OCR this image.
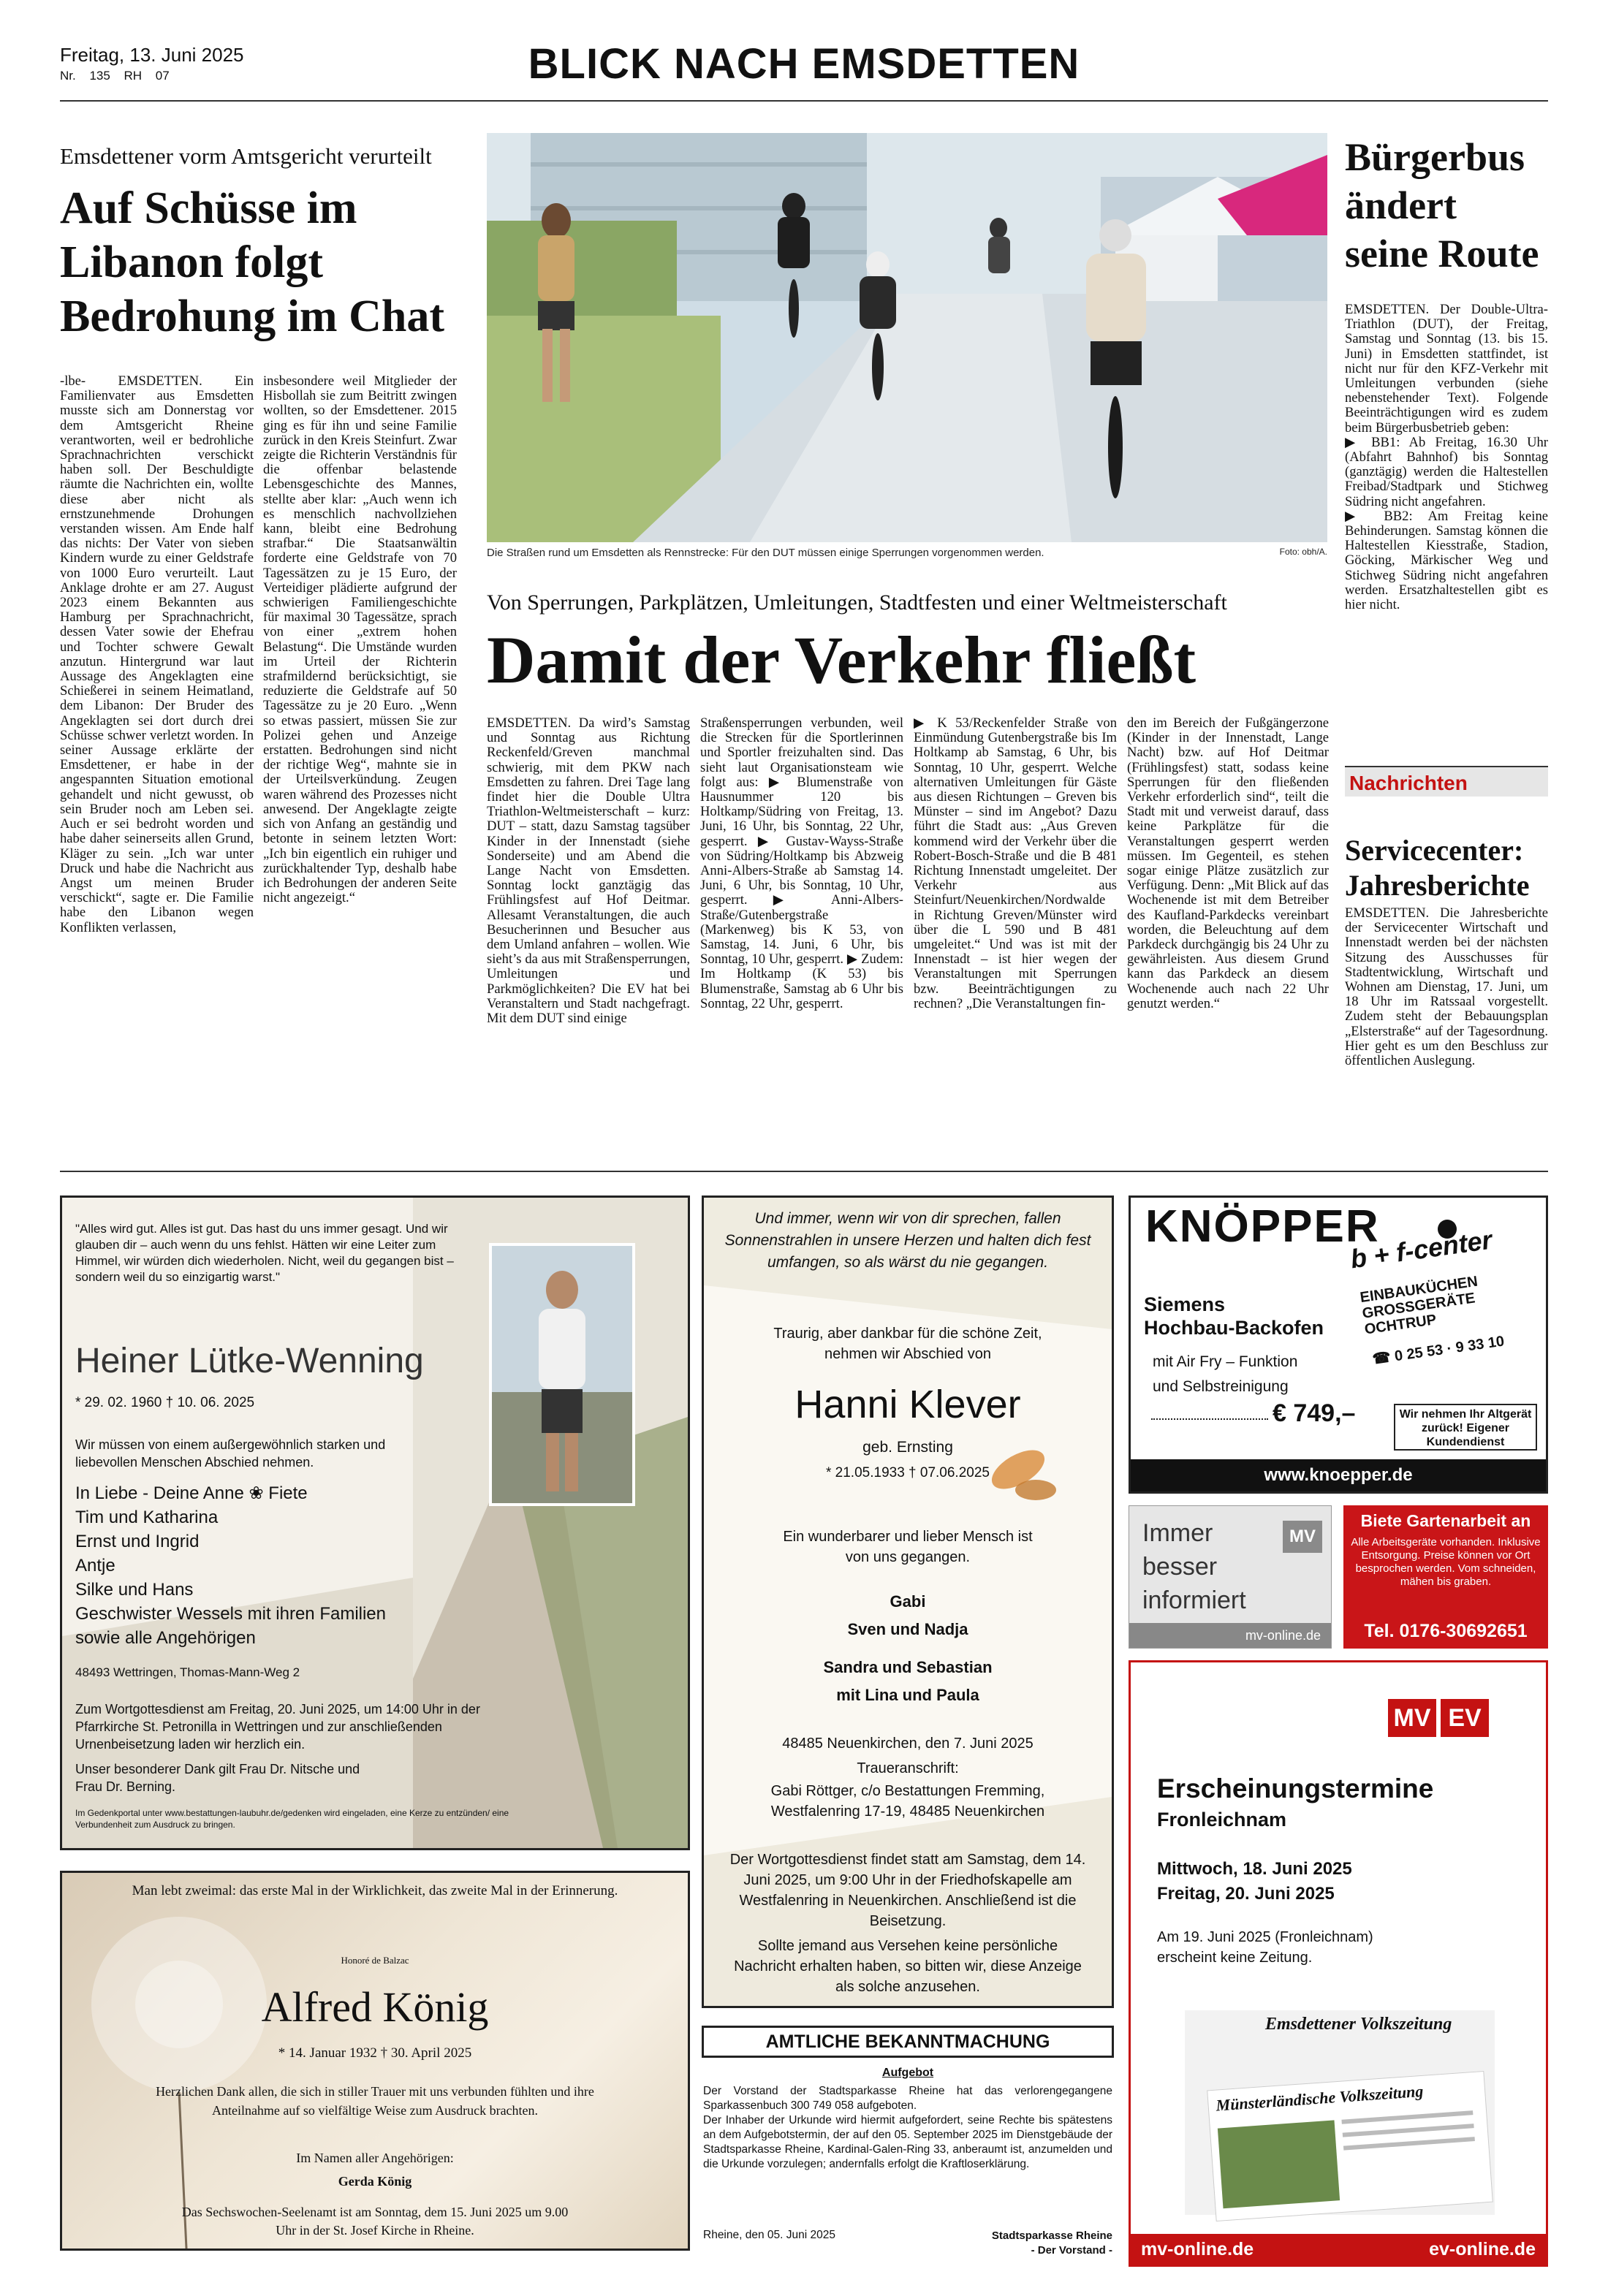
Freitag, 13. Juni 2025
Nr. 135 RH 07	BLICK NACH EMSDETTEN
Emsdettener vorm Amtsgericht verurteilt
Auf Schüsse im Libanon folgt Bedrohung im Chat

-lbe- EMSDETTEN. Ein Familienvater aus Emsdetten musste sich am Donnerstag vor dem Amtsgericht Rheine verantworten, weil er bedrohliche Sprachnachrichten verschickt haben soll. Der Beschuldigte räumte die Nachrichten ein, wollte diese aber nicht als ernstzunehmende Drohungen verstanden wissen. Am Ende half das nichts: Der Vater von sieben Kindern wurde zu einer Geldstrafe von 1000 Euro verurteilt. Laut Anklage drohte er am 27. August 2023 einem Bekannten aus Hamburg per Sprachnachricht, dessen Vater sowie der Ehefrau und Tochter schwere Gewalt anzutun. Hintergrund war laut Aussage des Angeklagten eine Schießerei in seinem Heimatland, dem Libanon: Der Bruder des Angeklagten sei dort durch drei Schüsse schwer verletzt worden. In seiner Aussage erklärte der Emsdettener, er habe in der angespannten Situation emotional gehandelt und nicht gewusst, ob sein Bruder noch am Leben sei. Auch er sei bedroht worden und habe daher seinerseits allen Grund, Kläger zu sein. „Ich war unter Druck und habe die Nachricht aus Angst um meinen Bruder verschickt“, sagte er. Die Familie habe den Libanon wegen Konflikten verlassen,

insbesondere weil Mitglieder der Hisbollah sie zum Beitritt zwingen wollten, so der Emsdettener. 2015 ging es für ihn und seine Familie zurück in den Kreis Steinfurt. Zwar zeigte die Richterin Verständnis für die offenbar belastende Lebensgeschichte des Mannes, stellte aber klar: „Auch wenn ich es menschlich nachvollziehen kann, bleibt eine Bedrohung strafbar.“ Die Staatsanwältin forderte eine Geldstrafe von 70 Tagessätzen zu je 15 Euro, der Verteidiger plädierte aufgrund der schwierigen Familiengeschichte für maximal 30 Tagessätze, sprach von einer „extrem hohen Belastung“. Die Umstände wurden im Urteil der Richterin strafmildernd berücksichtigt, sie reduzierte die Geldstrafe auf 50 Tagessätze zu je 20 Euro. „Wenn so etwas passiert, müssen Sie zur Polizei gehen und Anzeige erstatten. Bedrohungen sind nicht der richtige Weg“, mahnte sie in der Urteilsverkündung. Zeugen waren während des Prozesses nicht anwesend. Der Angeklagte zeigte sich von Anfang an geständig und betonte in seinem letzten Wort: „Ich bin eigentlich ein ruhiger und zurückhaltender Typ, deshalb habe ich Bedrohungen der anderen Seite nicht angezeigt.“

Die Straßen rund um Emsdetten als Rennstrecke: Für den DUT müssen einige Sperrungen vorgenommen werden.	Foto: obh/A.
Von Sperrungen, Parkplätzen, Umleitungen, Stadtfesten und einer Weltmeisterschaft
Damit der Verkehr fließt

EMSDETTEN. Da wird’s Samstag und Sonntag aus Richtung Reckenfeld/Greven manchmal schwierig, mit dem PKW nach Emsdetten zu fahren. Drei Tage lang findet hier die Double Ultra Triathlon-Weltmeisterschaft – kurz: DUT – statt, dazu Samstag tagsüber Kinder in der Innenstadt (siehe Sonderseite) und am Abend die Lange Nacht von Emsdetten. Sonntag lockt ganztägig das Frühlingsfest auf Hof Deitmar. Allesamt Veranstaltungen, die auch Besucherinnen und Besucher aus dem Umland anfahren – wollen. Wie sieht’s da aus mit Straßensperrungen, Umleitungen und Parkmöglichkeiten? Die EV hat bei Veranstaltern und Stadt nachgefragt. Mit dem DUT sind einige

Straßensperrungen verbunden, weil die Strecken für die Sportlerinnen und Sportler freizuhalten sind. Das sieht laut Organisationsteam wie folgt aus: ▶ Blumenstraße von Hausnummer 120 bis Holtkamp/Südring von Freitag, 13. Juni, 16 Uhr, bis Sonntag, 22 Uhr, gesperrt. ▶ Gustav-Wayss-Straße von Südring/Holtkamp bis Abzweig Anni-Albers-Straße ab Samstag 14. Juni, 6 Uhr, bis Sonntag, 10 Uhr, gesperrt. ▶ Anni-Albers-Straße/Gutenbergstraße (Markenweg) bis K 53, von Samstag, 14. Juni, 6 Uhr, bis Sonntag, 10 Uhr, gesperrt. ▶ Zudem: Im Holtkamp (K 53) bis Blumenstraße, Samstag ab 6 Uhr bis Sonntag, 22 Uhr, gesperrt.

▶ K 53/Reckenfelder Straße von Einmündung Gutenbergstraße bis Im Holtkamp ab Samstag, 6 Uhr, bis Sonntag, 10 Uhr, gesperrt. Welche alternativen Umleitungen für Gäste aus diesen Richtungen – Greven bis Münster – sind im Angebot? Dazu führt die Stadt aus: „Aus Greven kommend wird der Verkehr über die Robert-Bosch-Straße und die B 481 Richtung Innenstadt umgeleitet. Der Verkehr aus Steinfurt/Neuenkirchen/Nordwalde in Richtung Greven/Münster wird über die L 590 und B 481 umgeleitet.“ Und was ist mit der Innenstadt – ist hier wegen der Veranstaltungen mit Sperrungen bzw. Beeinträchtigungen zu rechnen? „Die Veranstaltungen fin-

den im Bereich der Fußgängerzone (Kinder in der Innenstadt, Lange Nacht) bzw. auf Hof Deitmar (Frühlingsfest) statt, sodass keine Sperrungen für den fließenden Verkehr erforderlich sind“, teilt die Stadt mit und verweist darauf, dass keine Parkplätze für die Veranstaltungen gesperrt werden müssen. Im Gegenteil, es stehen sogar einige Plätze zusätzlich zur Verfügung. Denn: „Mit Blick auf das Wochenende ist mit dem Betreiber des Kaufland-Parkdecks vereinbart worden, die Beleuchtung auf dem Parkdeck durchgängig bis 24 Uhr zu gewährleisten. Aus diesem Grund kann das Parkdeck an diesem Wochenende auch nach 22 Uhr genutzt werden.“

Bürgerbus ändert seine Route

EMSDETTEN. Der Double-Ultra-Triathlon (DUT), der Freitag, Samstag und Sonntag (13. bis 15. Juni) in Emsdetten stattfindet, ist nicht nur für den KFZ-Verkehr mit Umleitungen verbunden (siehe nebenstehender Text). Folgende Beeinträchtigungen wird es zudem beim Bürgerbusbetrieb geben:

▶ BB1: Ab Freitag, 16.30 Uhr (Abfahrt Bahnhof) bis Sonntag (ganztägig) werden die Haltestellen Freibad/Stadtpark und Stichweg Südring nicht angefahren.

▶ BB2: Am Freitag keine Behinderungen. Samstag können die Haltestellen Kiesstraße, Stadion, Göcking, Märkischer Weg und Stichweg Südring nicht angefahren werden. Ersatzhaltestellen gibt es hier nicht.

Nachrichten
Servicecenter: Jahresberichte

EMSDETTEN. Die Jahresberichte der Servicecenter Wirtschaft und Innenstadt werden bei der nächsten Sitzung des Ausschusses für Stadtentwicklung, Wirtschaft und Wohnen am Dienstag, 17. Juni, um 18 Uhr im Ratssaal vorgestellt. Zudem steht der Bebauungsplan „Elsterstraße“ auf der Tagesordnung. Hier geht es um den Beschluss zur öffentlichen Auslegung.

"Alles wird gut. Alles ist gut. Das hast du uns immer gesagt. Und wir glauben dir – auch wenn du uns fehlst. Hätten wir eine Leiter zum Himmel, wir würden dich wiederholen. Nicht, weil du gegangen bist – sondern weil du so einzigartig warst."
Heiner Lütke-Wenning
* 29. 02. 1960 † 10. 06. 2025
Wir müssen von einem außergewöhnlich starken und liebevollen Menschen Abschied nehmen.
In Liebe - Deine Anne ❀ Fiete
Tim und Katharina
Ernst und Ingrid
Antje
Silke und Hans
Geschwister Wessels mit ihren Familien
sowie alle Angehörigen
48493 Wettringen, Thomas-Mann-Weg 2
Zum Wortgottesdienst am Freitag, 20. Juni 2025, um 14:00 Uhr in der Pfarrkirche St. Petronilla in Wettringen und zur anschließenden Urnenbeisetzung laden wir herzlich ein.
Unser besonderer Dank gilt Frau Dr. Nitsche und Frau Dr. Berning.
Im Gedenkportal unter www.bestattungen-laubuhr.de/gedenken wird eingeladen, eine Kerze zu entzünden/ eine Verbundenheit zum Ausdruck zu bringen.
Man lebt zweimal: das erste Mal in der Wirklichkeit, das zweite Mal in der Erinnerung.
Honoré de Balzac
Alfred König
* 14. Januar 1932 † 30. April 2025
Herzlichen Dank allen, die sich in stiller Trauer mit uns verbunden fühlten und ihre Anteilnahme auf so vielfältige Weise zum Ausdruck brachten.
Im Namen aller Angehörigen:
Gerda König
Das Sechswochen-Seelenamt ist am Sonntag, dem 15. Juni 2025 um 9.00 Uhr in der St. Josef Kirche in Rheine.
Und immer, wenn wir von dir sprechen, fallen Sonnenstrahlen in unsere Herzen und halten dich fest umfangen, so als wärst du nie gegangen.
Traurig, aber dankbar für die schöne Zeit, nehmen wir Abschied von
Hanni Klever
geb. Ernsting
* 21.05.1933 † 07.06.2025
Ein wunderbarer und lieber Mensch ist von uns gegangen.
Gabi
Sven und Nadja
Sandra und Sebastian
mit Lina und Paula
48485 Neuenkirchen, den 7. Juni 2025
Traueranschrift:
Gabi Röttger, c/o Bestattungen Fremming, Westfalenring 17-19, 48485 Neuenkirchen
Der Wortgottesdienst findet statt am Samstag, dem 14. Juni 2025, um 9:00 Uhr in der Friedhofskapelle am Westfalenring in Neuenkirchen. Anschließend ist die Beisetzung.
Sollte jemand aus Versehen keine persönliche Nachricht erhalten haben, so bitten wir, diese Anzeige als solche anzusehen.
AMTLICHE BEKANNTMACHUNG
Aufgebot

Der Vorstand der Stadtsparkasse Rheine hat das verlorengegangene Sparkassenbuch 300 749 058 aufgeboten.

Der Inhaber der Urkunde wird hiermit aufgefordert, seine Rechte bis spätestens an dem Aufgebotstermin, der auf den 05. September 2025 im Dienstgebäude der Stadtsparkasse Rheine, Kardinal-Galen-Ring 33, anberaumt ist, anzumelden und die Urkunde vorzulegen; andernfalls erfolgt die Kraftloserklärung.

Rheine, den 05. Juni 2025	Stadtsparkasse Rheine
- Der Vorstand -
KNÖPPER
b + f-center
EINBAUKÜCHEN GROSSGERÄTE OCHTRUP
☎ 0 25 53 · 9 33 10
Siemens
Hochbau-Backofen
mit Air Fry – Funktion
und Selbstreinigung
€ 749,–	Wir nehmen Ihr Altgerät zurück! Eigener Kundendienst
www.knoepper.de
Immer
besser
informiert
MV
mv-online.de
Biete Gartenarbeit an
Alle Arbeitsgeräte vorhanden. Inklusive Entsorgung. Preise können vor Ort besprochen werden. Vom schneiden, mähen bis graben.
Tel. 0176-30692651
MV EV
Erscheinungstermine
Fronleichnam
Mittwoch, 18. Juni 2025
Freitag, 20. Juni 2025
Am 19. Juni 2025 (Fronleichnam) erscheint keine Zeitung.
Emsdettener Volkszeitung
Münsterländische Volkszeitung
mv-online.de	ev-online.de
